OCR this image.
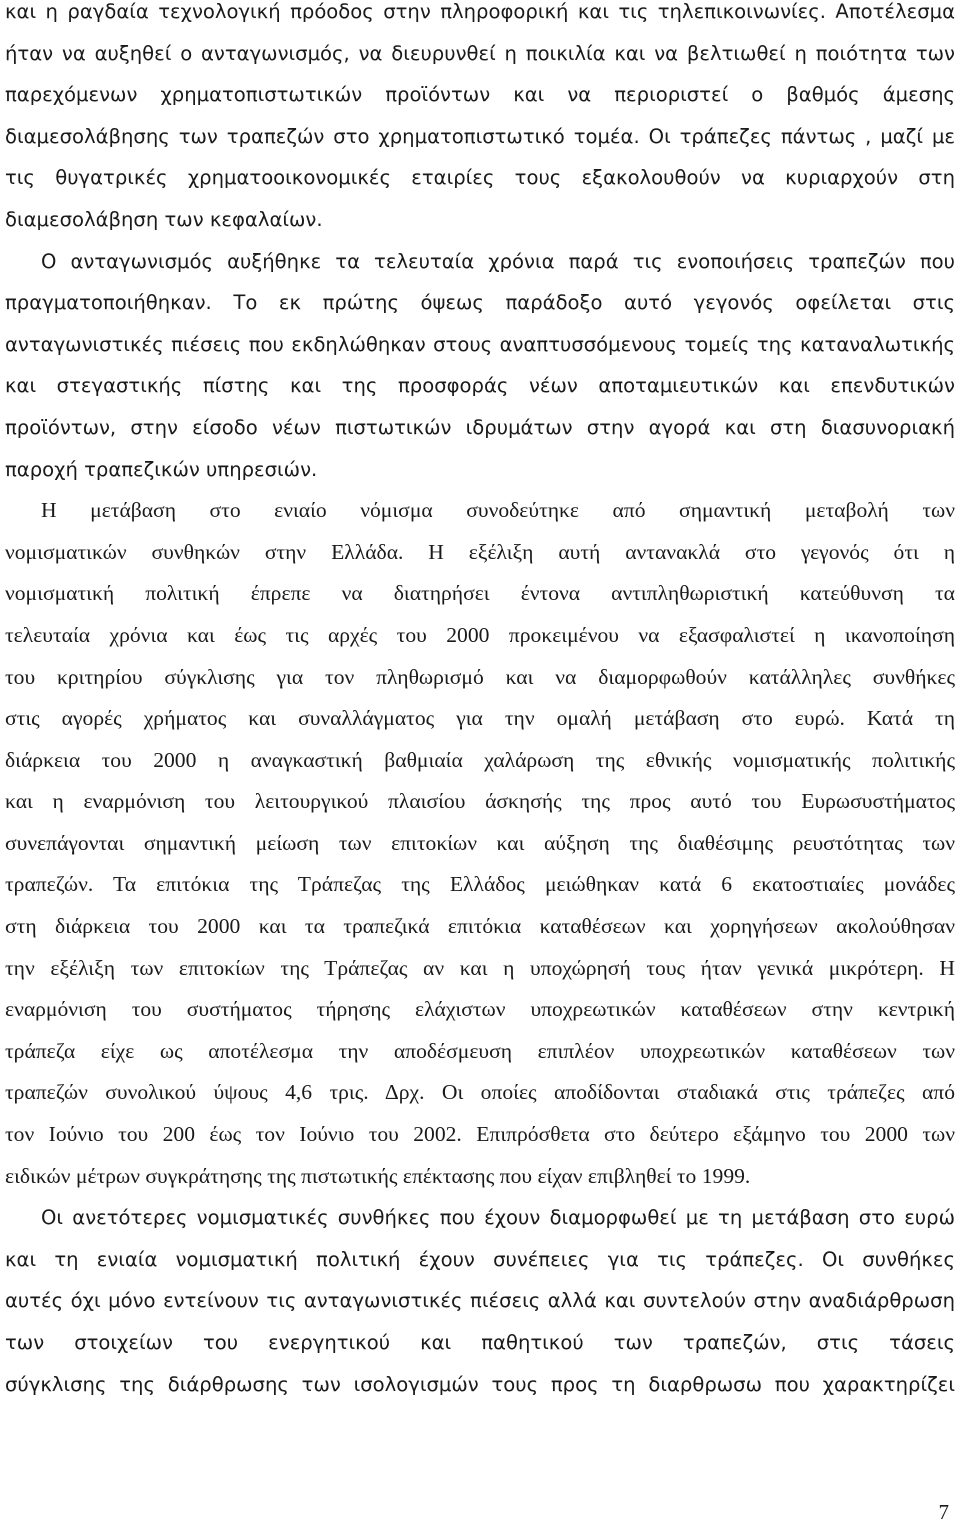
και η ραγδαία τεχνολογική πρόοδος στην πληροφορική και τις τηλεπικοινωνίες. Αποτέλεσμα
ήταν να αυξηθεί ο ανταγωνισμός, να διευρυνθεί η ποικιλία και να βελτιωθεί η ποιότητα των
παρεχόμενων χρηματοπιστωτικών προϊόντων και να περιοριστεί ο βαθμός άμεσης
διαμεσολάβησης των τραπεζών στο χρηματοπιστωτικό τομέα. Οι τράπεζες πάντως , μαζί με
τις θυγατρικές χρηματοοικονομικές εταιρίες τους εξακολουθούν να κυριαρχούν στη
διαμεσολάβηση των κεφαλαίων.
Ο ανταγωνισμός αυξήθηκε τα τελευταία χρόνια παρά τις ενοποιήσεις τραπεζών που
πραγματοποιήθηκαν. Το εκ πρώτης όψεως παράδοξο αυτό γεγονός οφείλεται στις
ανταγωνιστικές πιέσεις που εκδηλώθηκαν στους αναπτυσσόμενους τομείς της καταναλωτικής
και στεγαστικής πίστης και της προσφοράς νέων αποταμιευτικών και επενδυτικών
προϊόντων, στην είσοδο νέων πιστωτικών ιδρυμάτων στην αγορά και στη διασυνοριακή
παροχή τραπεζικών υπηρεσιών.
Η μετάβαση στο ενιαίο νόμισμα συνοδεύτηκε από σημαντική μεταβολή των
νομισματικών συνθηκών στην Ελλάδα. Η εξέλιξη αυτή αντανακλά στο γεγονός ότι η
νομισματική πολιτική έπρεπε να διατηρήσει έντονα αντιπληθωριστική κατεύθυνση τα
τελευταία χρόνια και έως τις αρχές του 2000 προκειμένου να εξασφαλιστεί η ικανοποίηση
του κριτηρίου σύγκλισης για τον πληθωρισμό και να διαμορφωθούν κατάλληλες συνθήκες
στις αγορές χρήματος και συναλλάγματος για την ομαλή μετάβαση στο ευρώ. Κατά τη
διάρκεια του 2000 η αναγκαστική βαθμιαία χαλάρωση της εθνικής νομισματικής πολιτικής
και η εναρμόνιση του λειτουργικού πλαισίου άσκησής της προς αυτό του Ευρωσυστήματος
συνεπάγονται σημαντική μείωση των επιτοκίων και αύξηση της διαθέσιμης ρευστότητας των
τραπεζών. Τα επιτόκια της Τράπεζας της Ελλάδος μειώθηκαν κατά 6 εκατοστιαίες μονάδες
στη διάρκεια του 2000 και τα τραπεζικά επιτόκια καταθέσεων και χορηγήσεων ακολούθησαν
την εξέλιξη των επιτοκίων της Τράπεζας αν και η υποχώρησή τους ήταν γενικά μικρότερη. Η
εναρμόνιση του συστήματος τήρησης ελάχιστων υποχρεωτικών καταθέσεων στην κεντρική
τράπεζα είχε ως αποτέλεσμα την αποδέσμευση επιπλέον υποχρεωτικών καταθέσεων των
τραπεζών συνολικού ύψους 4,6 τρις. Δρχ. Οι οποίες αποδίδονται σταδιακά στις τράπεζες από
τον Ιούνιο του 200 έως τον Ιούνιο του 2002. Επιπρόσθετα στο δεύτερο εξάμηνο του 2000 των
ειδικών μέτρων συγκράτησης της πιστωτικής επέκτασης που είχαν επιβληθεί το 1999.
Οι ανετότερες νομισματικές συνθήκες που έχουν διαμορφωθεί με τη μετάβαση στο ευρώ
και τη ενιαία νομισματική πολιτική έχουν συνέπειες για τις τράπεζες. Οι συνθήκες
αυτές όχι μόνο εντείνουν τις ανταγωνιστικές πιέσεις αλλά και συντελούν στην αναδιάρθρωση
των στοιχείων του ενεργητικού και παθητικού των τραπεζών, στις τάσεις
σύγκλισης της διάρθρωσης των ισολογισμών τους προς τη διαρθρωσω που χαρακτηρίζει
7
